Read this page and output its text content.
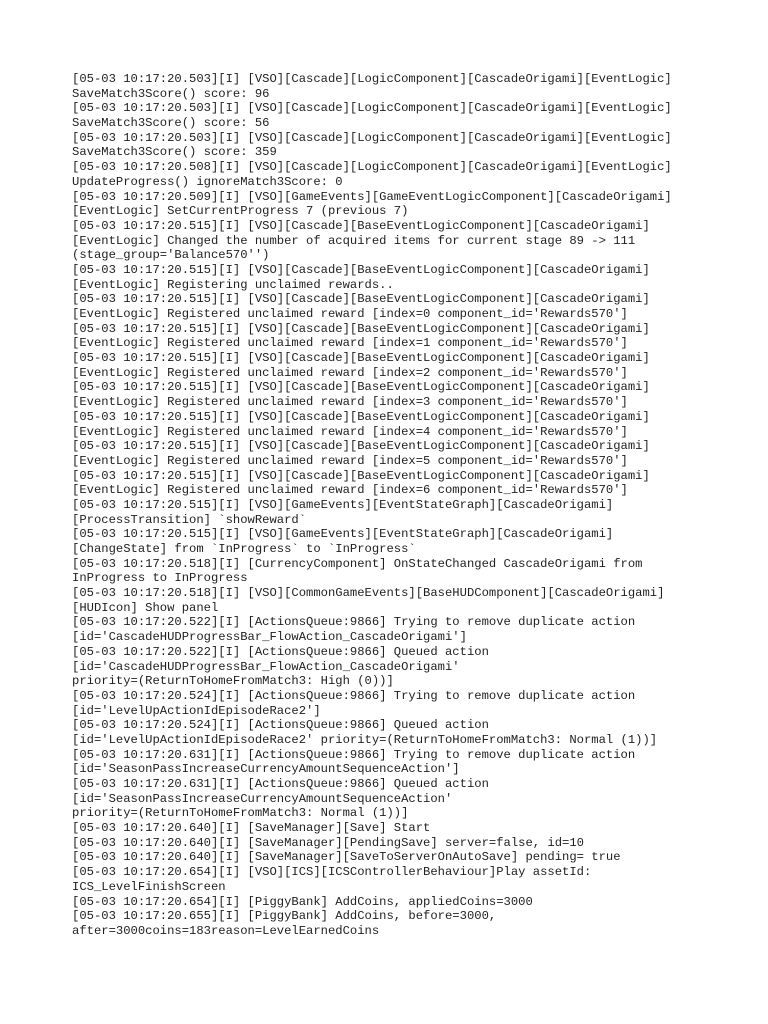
[05-03 10:17:20.503][I] [VSO][Cascade][LogicComponent][CascadeOrigami][EventLogic]
SaveMatch3Score() score: 96
[05-03 10:17:20.503][I] [VSO][Cascade][LogicComponent][CascadeOrigami][EventLogic]
SaveMatch3Score() score: 56
[05-03 10:17:20.503][I] [VSO][Cascade][LogicComponent][CascadeOrigami][EventLogic]
SaveMatch3Score() score: 359
[05-03 10:17:20.508][I] [VSO][Cascade][LogicComponent][CascadeOrigami][EventLogic]
UpdateProgress() ignoreMatch3Score: 0
[05-03 10:17:20.509][I] [VSO][GameEvents][GameEventLogicComponent][CascadeOrigami]
[EventLogic] SetCurrentProgress 7 (previous 7)
[05-03 10:17:20.515][I] [VSO][Cascade][BaseEventLogicComponent][CascadeOrigami]
[EventLogic] Changed the number of acquired items for current stage 89 -> 111
(stage_group='Balance570'')
[05-03 10:17:20.515][I] [VSO][Cascade][BaseEventLogicComponent][CascadeOrigami]
[EventLogic] Registering unclaimed rewards..
[05-03 10:17:20.515][I] [VSO][Cascade][BaseEventLogicComponent][CascadeOrigami]
[EventLogic] Registered unclaimed reward [index=0 component_id='Rewards570']
[05-03 10:17:20.515][I] [VSO][Cascade][BaseEventLogicComponent][CascadeOrigami]
[EventLogic] Registered unclaimed reward [index=1 component_id='Rewards570']
[05-03 10:17:20.515][I] [VSO][Cascade][BaseEventLogicComponent][CascadeOrigami]
[EventLogic] Registered unclaimed reward [index=2 component_id='Rewards570']
[05-03 10:17:20.515][I] [VSO][Cascade][BaseEventLogicComponent][CascadeOrigami]
[EventLogic] Registered unclaimed reward [index=3 component_id='Rewards570']
[05-03 10:17:20.515][I] [VSO][Cascade][BaseEventLogicComponent][CascadeOrigami]
[EventLogic] Registered unclaimed reward [index=4 component_id='Rewards570']
[05-03 10:17:20.515][I] [VSO][Cascade][BaseEventLogicComponent][CascadeOrigami]
[EventLogic] Registered unclaimed reward [index=5 component_id='Rewards570']
[05-03 10:17:20.515][I] [VSO][Cascade][BaseEventLogicComponent][CascadeOrigami]
[EventLogic] Registered unclaimed reward [index=6 component_id='Rewards570']
[05-03 10:17:20.515][I] [VSO][GameEvents][EventStateGraph][CascadeOrigami]
[ProcessTransition] `showReward`
[05-03 10:17:20.515][I] [VSO][GameEvents][EventStateGraph][CascadeOrigami]
[ChangeState] from `InProgress` to `InProgress`
[05-03 10:17:20.518][I] [CurrencyComponent] OnStateChanged CascadeOrigami from
InProgress to InProgress
[05-03 10:17:20.518][I] [VSO][CommonGameEvents][BaseHUDComponent][CascadeOrigami]
[HUDIcon] Show panel
[05-03 10:17:20.522][I] [ActionsQueue:9866] Trying to remove duplicate action
[id='CascadeHUDProgressBar_FlowAction_CascadeOrigami']
[05-03 10:17:20.522][I] [ActionsQueue:9866] Queued action
[id='CascadeHUDProgressBar_FlowAction_CascadeOrigami'
priority=(ReturnToHomeFromMatch3: High (0))]
[05-03 10:17:20.524][I] [ActionsQueue:9866] Trying to remove duplicate action
[id='LevelUpActionIdEpisodeRace2']
[05-03 10:17:20.524][I] [ActionsQueue:9866] Queued action
[id='LevelUpActionIdEpisodeRace2' priority=(ReturnToHomeFromMatch3: Normal (1))]
[05-03 10:17:20.631][I] [ActionsQueue:9866] Trying to remove duplicate action
[id='SeasonPassIncreaseCurrencyAmountSequenceAction']
[05-03 10:17:20.631][I] [ActionsQueue:9866] Queued action
[id='SeasonPassIncreaseCurrencyAmountSequenceAction'
priority=(ReturnToHomeFromMatch3: Normal (1))]
[05-03 10:17:20.640][I] [SaveManager][Save] Start
[05-03 10:17:20.640][I] [SaveManager][PendingSave] server=false, id=10
[05-03 10:17:20.640][I] [SaveManager][SaveToServerOnAutoSave] pending= true
[05-03 10:17:20.654][I] [VSO][ICS][ICSControllerBehaviour]Play assetId:
ICS_LevelFinishScreen
[05-03 10:17:20.654][I] [PiggyBank] AddCoins, appliedCoins=3000
[05-03 10:17:20.655][I] [PiggyBank] AddCoins, before=3000,
after=3000coins=183reason=LevelEarnedCoins
